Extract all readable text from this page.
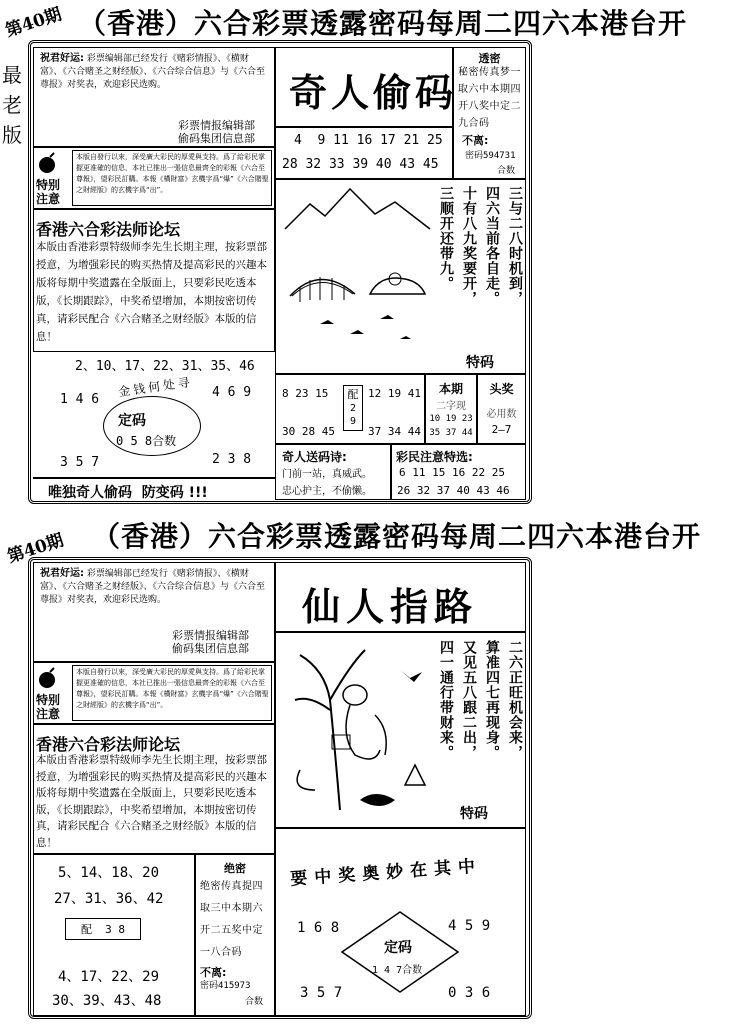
第40期 （香港）六合彩票透露密码每周二四六本港台开
最老版
祝君好运: 彩票编辑部已经发行《赌彩情报》、《横财富》、《六合赌圣之财经版》、《六合综合信息》与《六合至尊报》对奖表，欢迎彩民选购。
彩票情报编辑部
偷码集团信息部
特别注意
本版自發行以來，深受廣大彩民的厚愛與支持。爲了給彩民掌握更准確的信息，本社已推出一張信息最齊全的彩報《六合至尊報》，望彩民訂購。本報《橫財富》玄機字爲“爆”《六合賭聖之財經版》的玄機字爲“出”。
香港六合彩法师论坛
本版由香港彩票特级师李先生长期主理，按彩票部授意，为增强彩民的购买热情及提高彩民的兴趣本版将每期中奖遗露在全版面上，只要彩民吃透本版，《长期跟踪》，中奖希望增加，本期按密切传真，请彩民配合《六合赌圣之财经版》本版的信息！
2、10、17、22、31、35、46
金钱何处寻
1 4 6	4 6 9
定码
0 5 8合数
3 5 7	2 3 8
唯独奇人偷码  防变码 !!!
奇人偷码
透密
秘密传真梦一取六中本期四开八奖中定二九合码
不离:
密码594731
合数
4  9 11 16 17 21 25
28 32 33 39 40 43 45
三与二八时机到，
四六当前各自走。
十有八九奖要开，
三顺开还带九。
特码
8 23 15
30 28 45
配
2 9
12 19 41
37 34 44
本期
二字现
10 19 23
35 37 44
头奖
必用数
2—7
奇人送码诗:
门前一站，真威武。
忠心护主，不偷懒。
彩民注意特选:
6 11 15 16 22 25
26 32 37 40 43 46
第40期 （香港）六合彩票透露密码每周二四六本港台开
祝君好运: 彩票编辑部已经发行《赌彩情报》、《横财富》、《六合赌圣之财经版》、《六合综合信息》与《六合至尊报》对奖表，欢迎彩民选购。
彩票情报编辑部
偷码集团信息部
特别注意
本版自發行以來，深受廣大彩民的厚愛與支持。爲了給彩民掌握更准確的信息，本社已推出一張信息最齊全的彩報《六合至尊報》，望彩民訂購。本報《橫財富》玄機字爲“爆”《六合賭聖之財經版》的玄機字爲“出”。
香港六合彩法师论坛
本版由香港彩票特级师李先生长期主理，按彩票部授意，为增强彩民的购买热情及提高彩民的兴趣本版将每期中奖遗露在全版面上，只要彩民吃透本版，《长期跟踪》，中奖希望增加，本期按密切传真，请彩民配合《六合赌圣之财经版》本版的信息！
5、14、18、20
27、31、36、42
配  3 8
4、17、22、29
30、39、43、48
绝密
绝密传真提四取三中本期六开二五奖中定一八合码
不离:
密码415973
合数
仙人指路
二六正旺机会来，
算准四七再现身。
又见五八跟二出，
四一通行带财来。
特码
要中奖奥妙在其中
1 6 8	4 5 9
定码
1 4 7合数
3 5 7	0 3 6
